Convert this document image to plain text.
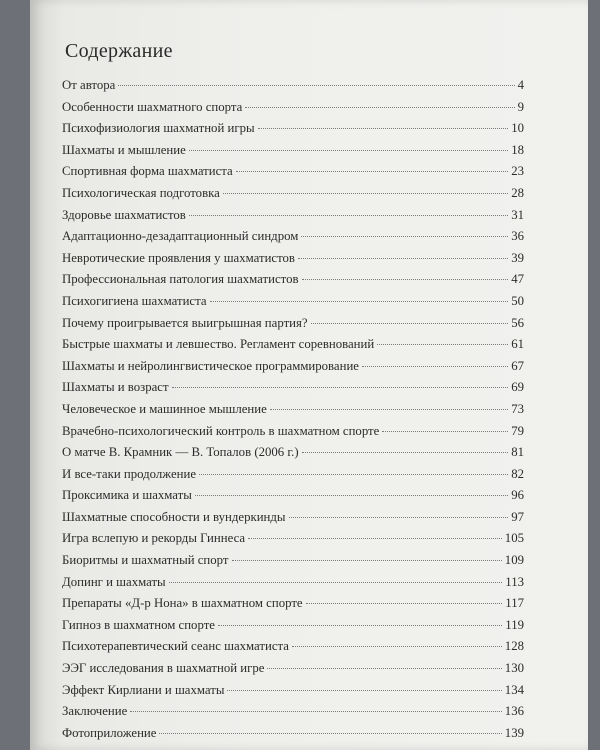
Содержание
От автора	4
Особенности шахматного спорта	9
Психофизиология шахматной игры	10
Шахматы и мышление	18
Спортивная форма шахматиста	23
Психологическая подготовка	28
Здоровье шахматистов	31
Адаптационно-дезадаптационный синдром	36
Невротические проявления у шахматистов	39
Профессиональная патология шахматистов	47
Психогигиена шахматиста	50
Почему проигрывается выигрышная партия?	56
Быстрые шахматы и левшество. Регламент соревнований	61
Шахматы и нейролингвистическое программирование	67
Шахматы и возраст	69
Человеческое и машинное мышление	73
Врачебно-психологический контроль в шахматном спорте	79
О матче В. Крамник — В. Топалов (2006 г.)	81
И все-таки продолжение	82
Проксимика и шахматы	96
Шахматные способности и вундеркинды	97
Игра вслепую и рекорды Гиннеса	105
Биоритмы и шахматный спорт	109
Допинг и шахматы	113
Препараты «Д-р Нона» в шахматном спорте	117
Гипноз в шахматном спорте	119
Психотерапевтический сеанс шахматиста	128
ЭЭГ исследования в шахматной игре	130
Эффект Кирлиани и шахматы	134
Заключение	136
Фотоприложение	139
